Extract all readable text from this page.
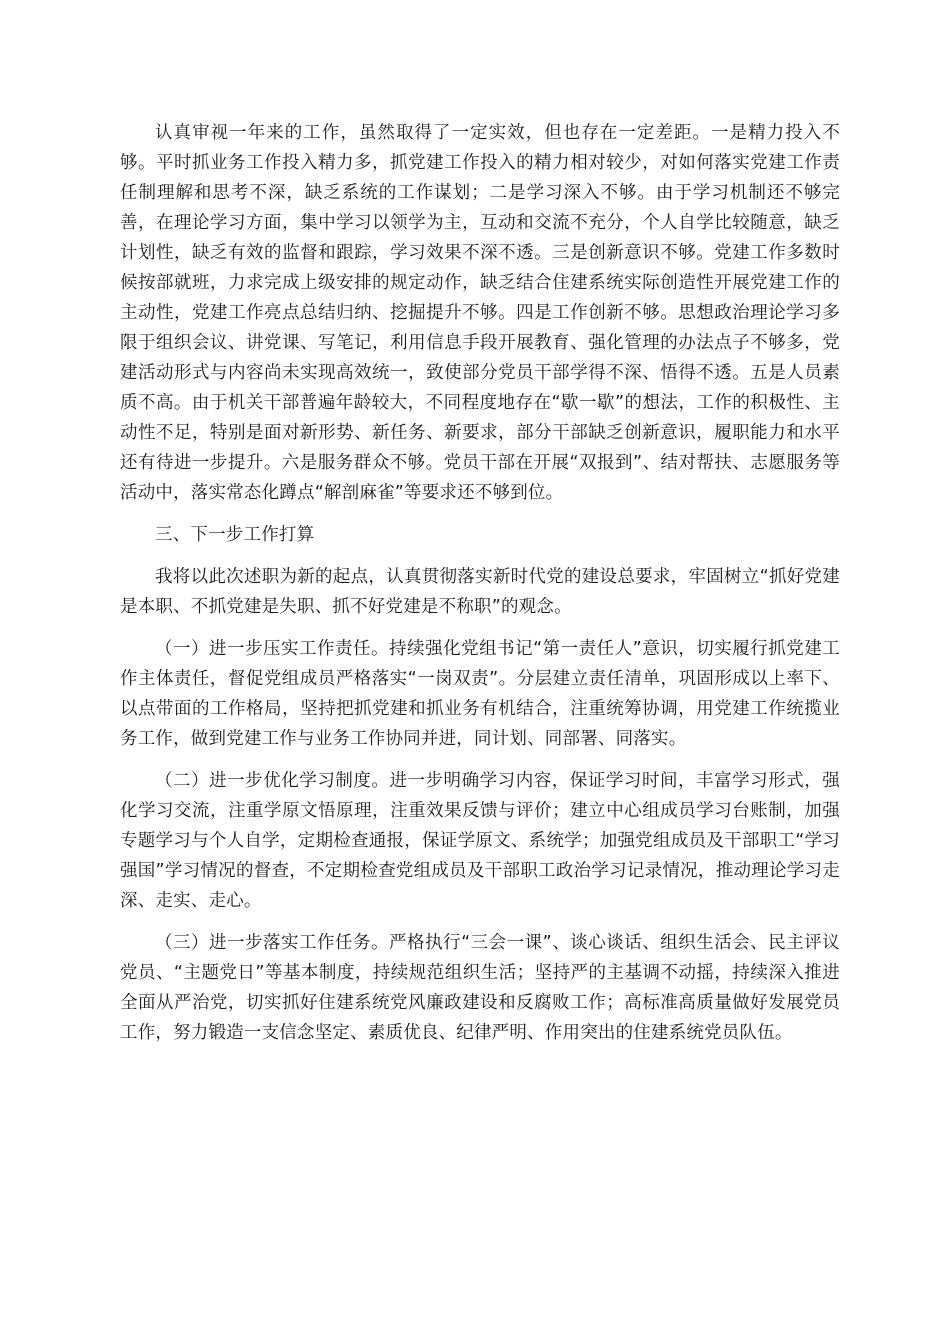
认真审视一年来的工作，虽然取得了一定实效，但也存在一定差距。一是精力投入不够。平时抓业务工作投入精力多，抓党建工作投入的精力相对较少，对如何落实党建工作责任制理解和思考不深，缺乏系统的工作谋划；二是学习深入不够。由于学习机制还不够完善，在理论学习方面，集中学习以领学为主，互动和交流不充分，个人自学比较随意，缺乏计划性，缺乏有效的监督和跟踪，学习效果不深不透。三是创新意识不够。党建工作多数时候按部就班，力求完成上级安排的规定动作，缺乏结合住建系统实际创造性开展党建工作的主动性，党建工作亮点总结归纳、挖掘提升不够。四是工作创新不够。思想政治理论学习多限于组织会议、讲党课、写笔记，利用信息手段开展教育、强化管理的办法点子不够多，党建活动形式与内容尚未实现高效统一，致使部分党员干部学得不深、悟得不透。五是人员素质不高。由于机关干部普遍年龄较大，不同程度地存在“歇一歇”的想法，工作的积极性、主动性不足，特别是面对新形势、新任务、新要求，部分干部缺乏创新意识，履职能力和水平还有待进一步提升。六是服务群众不够。党员干部在开展“双报到”、结对帮扶、志愿服务等活动中，落实常态化蹲点“解剖麻雀”等要求还不够到位。

三、下一步工作打算

我将以此次述职为新的起点，认真贯彻落实新时代党的建设总要求，牢固树立“抓好党建是本职、不抓党建是失职、抓不好党建是不称职”的观念。

（一）进一步压实工作责任。持续强化党组书记“第一责任人”意识，切实履行抓党建工作主体责任，督促党组成员严格落实“一岗双责”。分层建立责任清单，巩固形成以上率下、以点带面的工作格局，坚持把抓党建和抓业务有机结合，注重统筹协调，用党建工作统揽业务工作，做到党建工作与业务工作协同并进，同计划、同部署、同落实。

（二）进一步优化学习制度。进一步明确学习内容，保证学习时间，丰富学习形式，强化学习交流，注重学原文悟原理，注重效果反馈与评价；建立中心组成员学习台账制，加强专题学习与个人自学，定期检查通报，保证学原文、系统学；加强党组成员及干部职工“学习强国”学习情况的督查，不定期检查党组成员及干部职工政治学习记录情况，推动理论学习走深、走实、走心。

（三）进一步落实工作任务。严格执行“三会一课”、谈心谈话、组织生活会、民主评议党员、“主题党日”等基本制度，持续规范组织生活；坚持严的主基调不动摇，持续深入推进全面从严治党，切实抓好住建系统党风廉政建设和反腐败工作；高标准高质量做好发展党员工作，努力锻造一支信念坚定、素质优良、纪律严明、作用突出的住建系统党员队伍。
